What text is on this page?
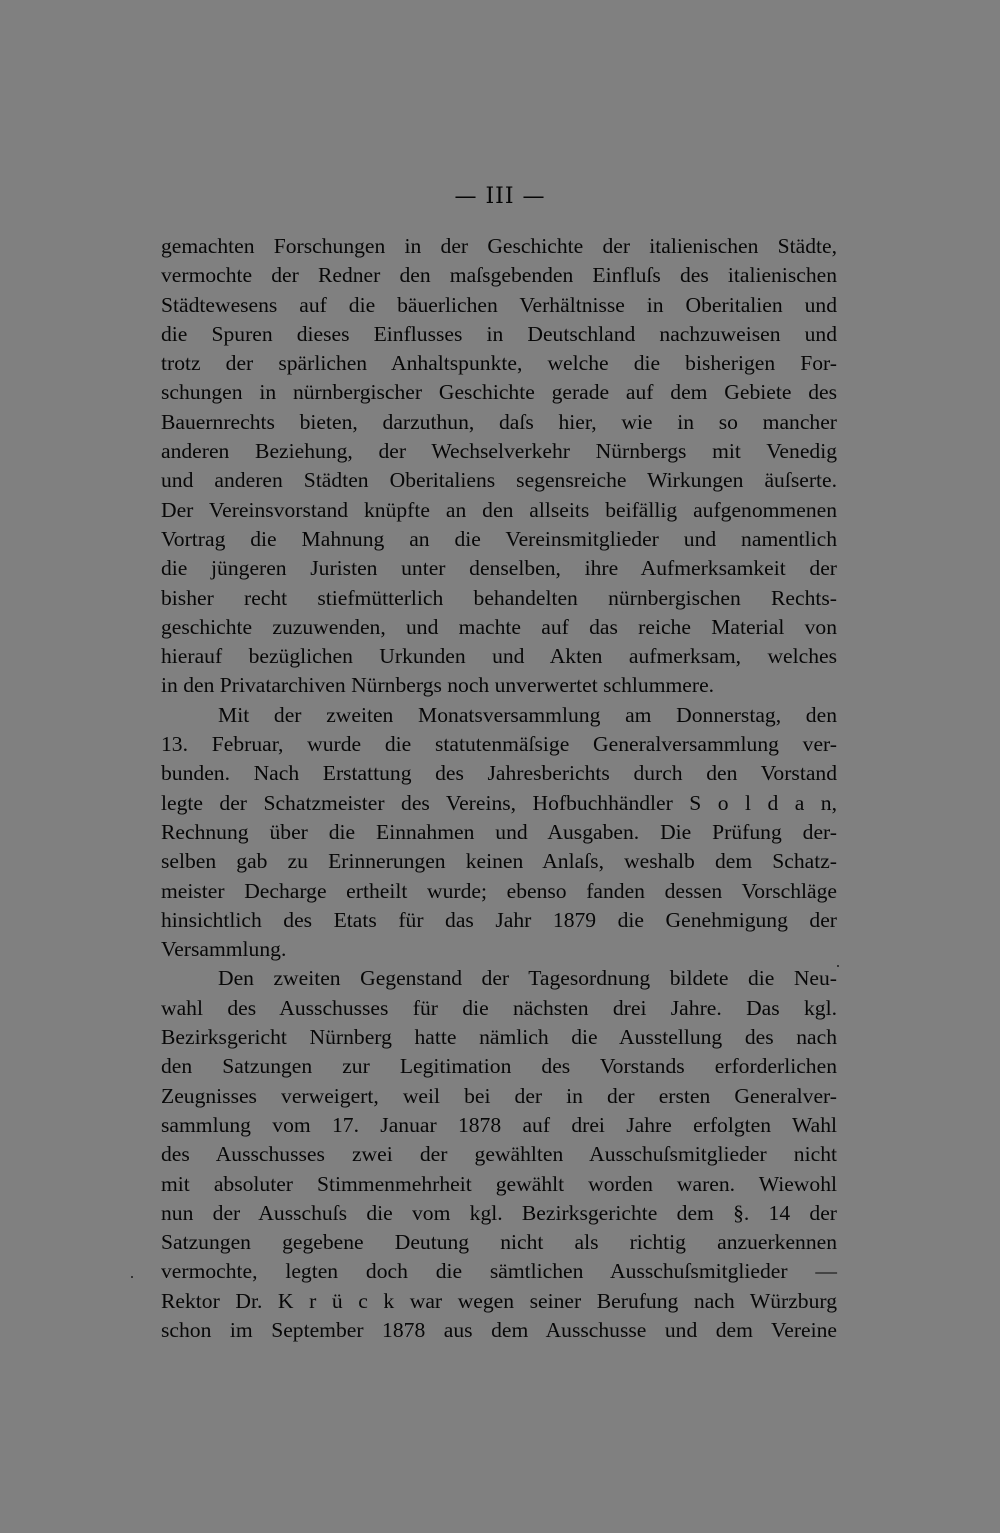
— III —
gemachten Forschungen in der Geschichte der italienischen Städte,
vermochte der Redner den maſsgebenden Einfluſs des italienischen
Städtewesens auf die bäuerlichen Verhältnisse in Oberitalien und
die Spuren dieses Einflusses in Deutschland nachzuweisen und
trotz der spärlichen Anhaltspunkte, welche die bisherigen For-
schungen in nürnbergischer Geschichte gerade auf dem Gebiete des
Bauernrechts bieten, darzuthun, daſs hier, wie in so mancher
anderen Beziehung, der Wechselverkehr Nürnbergs mit Venedig
und anderen Städten Oberitaliens segensreiche Wirkungen äuſserte.
Der Vereinsvorstand knüpfte an den allseits beifällig aufgenommenen
Vortrag die Mahnung an die Vereinsmitglieder und namentlich
die jüngeren Juristen unter denselben, ihre Aufmerksamkeit der
bisher recht stiefmütterlich behandelten nürnbergischen Rechts-
geschichte zuzuwenden, und machte auf das reiche Material von
hierauf bezüglichen Urkunden und Akten aufmerksam, welches
in den Privatarchiven Nürnbergs noch unverwertet schlummere.
Mit der zweiten Monatsversammlung am Donnerstag, den
13. Februar, wurde die statutenmäſsige Generalversammlung ver-
bunden. Nach Erstattung des Jahresberichts durch den Vorstand
legte der Schatzmeister des Vereins, Hofbuchhändler S o l d a n,
Rechnung über die Einnahmen und Ausgaben. Die Prüfung der-
selben gab zu Erinnerungen keinen Anlaſs, weshalb dem Schatz-
meister Decharge ertheilt wurde; ebenso fanden dessen Vorschläge
hinsichtlich des Etats für das Jahr 1879 die Genehmigung der
Versammlung.
Den zweiten Gegenstand der Tagesordnung bildete die Neu-
wahl des Ausschusses für die nächsten drei Jahre. Das kgl.
Bezirksgericht Nürnberg hatte nämlich die Ausstellung des nach
den Satzungen zur Legitimation des Vorstands erforderlichen
Zeugnisses verweigert, weil bei der in der ersten Generalver-
sammlung vom 17. Januar 1878 auf drei Jahre erfolgten Wahl
des Ausschusses zwei der gewählten Ausschuſsmitglieder nicht
mit absoluter Stimmenmehrheit gewählt worden waren. Wiewohl
nun der Ausschuſs die vom kgl. Bezirksgerichte dem §. 14 der
Satzungen gegebene Deutung nicht als richtig anzuerkennen
vermochte, legten doch die sämtlichen Ausschuſsmitglieder —
Rektor Dr. K r ü c k war wegen seiner Berufung nach Würzburg
schon im September 1878 aus dem Ausschusse und dem Vereine
